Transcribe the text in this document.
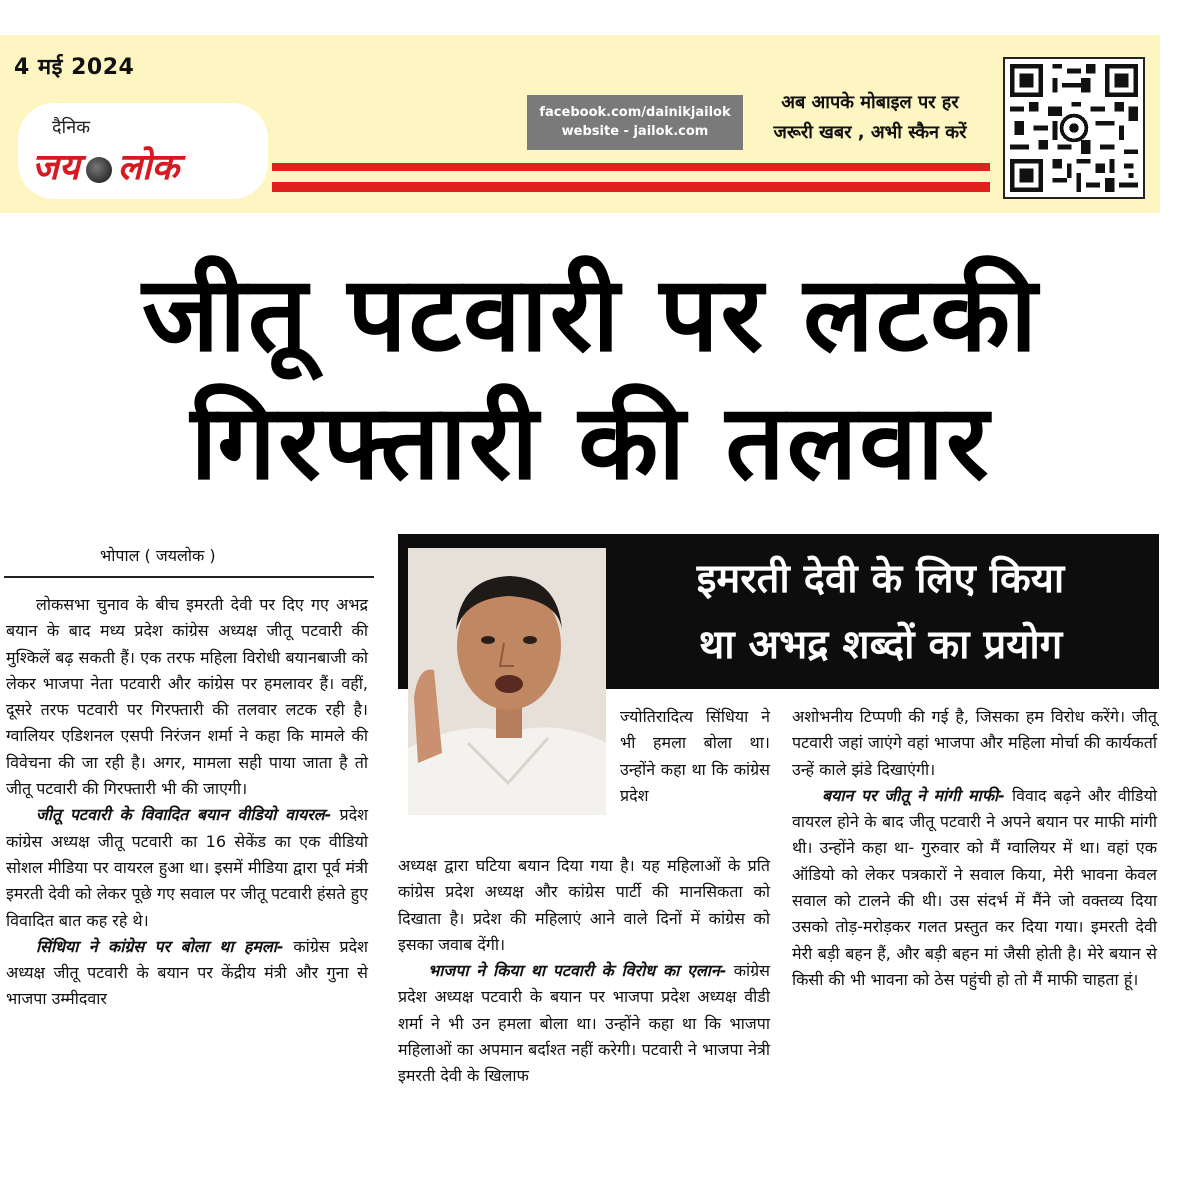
4 मई 2024
दैनिक
जय लोक
facebook.com/dainikjailok
website - jailok.com
अब आपके मोबाइल पर हर
जरूरी खबर , अभी स्कैन करें
जीतू पटवारी पर लटकी
गिरफ्तारी की तलवार
भोपाल ( जयलोक )
इमरती देवी के लिए किया
था अभद्र शब्दों का प्रयोग

लोकसभा चुनाव के बीच इमरती देवी पर दिए गए अभद्र बयान के बाद मध्य प्रदेश कांग्रेस अध्यक्ष जीतू पटवारी की मुश्किलें बढ़ सकती हैं। एक तरफ महिला विरोधी बयानबाजी को लेकर भाजपा नेता पटवारी और कांग्रेस पर हमलावर हैं। वहीं, दूसरे तरफ पटवारी पर गिरफ्तारी की तलवार लटक रही है। ग्वालियर एडिशनल एसपी निरंजन शर्मा ने कहा कि मामले की विवेचना की जा रही है। अगर, मामला सही पाया जाता है तो जीतू पटवारी की गिरफ्तारी भी की जाएगी।

जीतू पटवारी के विवादित बयान वीडियो वायरल- प्रदेश कांग्रेस अध्यक्ष जीतू पटवारी का 16 सेकेंड का एक वीडियो सोशल मीडिया पर वायरल हुआ था। इसमें मीडिया द्वारा पूर्व मंत्री इमरती देवी को लेकर पूछे गए सवाल पर जीतू पटवारी हंसते हुए विवादित बात कह रहे थे।

सिंधिया ने कांग्रेस पर बोला था हमला- कांग्रेस प्रदेश अध्यक्ष जीतू पटवारी के बयान पर केंद्रीय मंत्री और गुना से भाजपा उम्मीदवार

ज्योतिरादित्य सिंधिया ने भी हमला बोला था। उन्होंने कहा था कि कांग्रेस प्रदेश

अध्यक्ष द्वारा घटिया बयान दिया गया है। यह महिलाओं के प्रति कांग्रेस प्रदेश अध्यक्ष और कांग्रेस पार्टी की मानसिकता को दिखाता है। प्रदेश की महिलाएं आने वाले दिनों में कांग्रेस को इसका जवाब देंगी।

भाजपा ने किया था पटवारी के विरोध का एलान- कांग्रेस प्रदेश अध्यक्ष पटवारी के बयान पर भाजपा प्रदेश अध्यक्ष वीडी शर्मा ने भी उन हमला बोला था। उन्होंने कहा था कि भाजपा महिलाओं का अपमान बर्दाश्त नहीं करेगी। पटवारी ने भाजपा नेत्री इमरती देवी के खिलाफ

अशोभनीय टिप्पणी की गई है, जिसका हम विरोध करेंगे। जीतू पटवारी जहां जाएंगे वहां भाजपा और महिला मोर्चा की कार्यकर्ता उन्हें काले झंडे दिखाएंगी।

बयान पर जीतू ने मांगी माफी- विवाद बढ़ने और वीडियो वायरल होने के बाद जीतू पटवारी ने अपने बयान पर माफी मांगी थी। उन्होंने कहा था- गुरुवार को मैं ग्वालियर में था। वहां एक ऑडियो को लेकर पत्रकारों ने सवाल किया, मेरी भावना केवल सवाल को टालने की थी। उस संदर्भ में मैंने जो वक्तव्य दिया उसको तोड़-मरोड़कर गलत प्रस्तुत कर दिया गया। इमरती देवी मेरी बड़ी बहन हैं, और बड़ी बहन मां जैसी होती है। मेरे बयान से किसी की भी भावना को ठेस पहुंची हो तो मैं माफी चाहता हूं।
